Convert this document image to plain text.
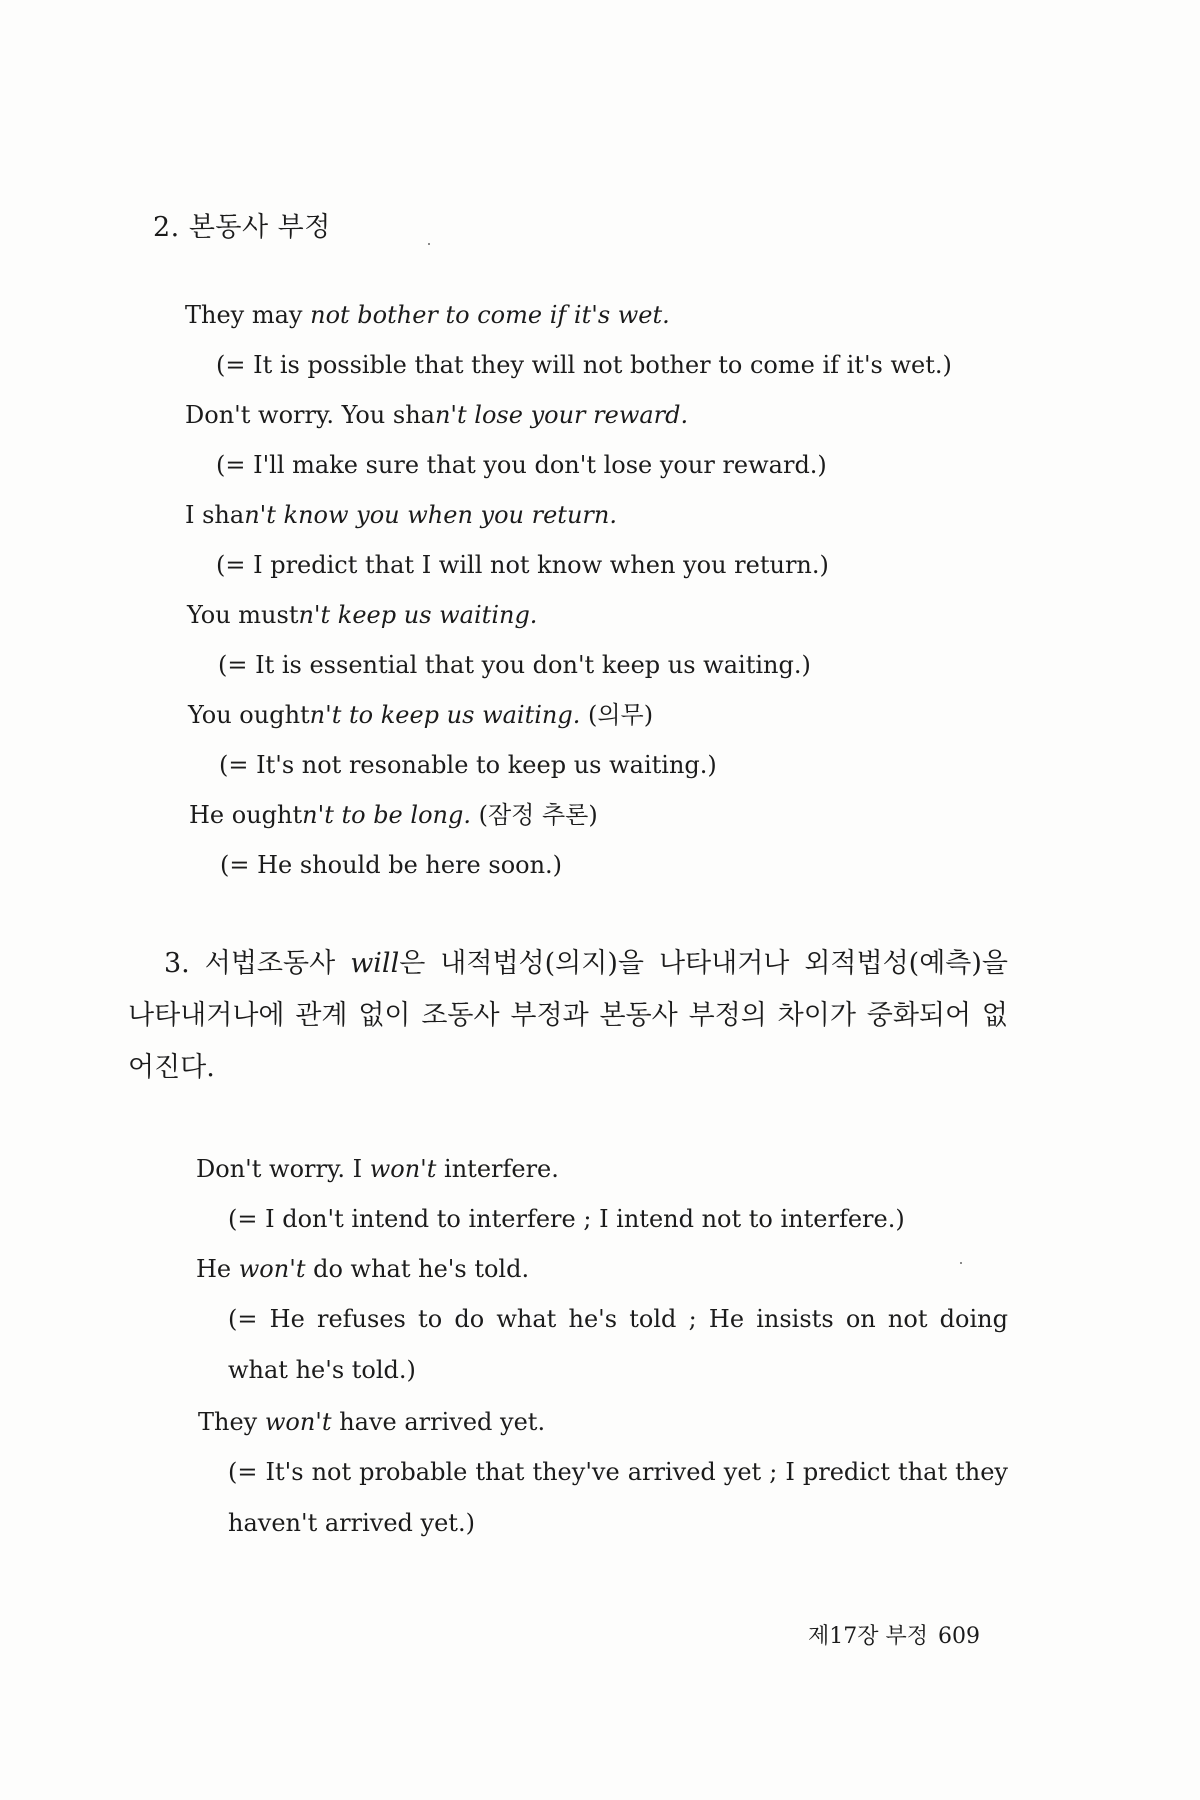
2. 본동사 부정
They may not bother to come if it's wet.
(= It is possible that they will not bother to come if it's wet.)
Don't worry. You shan't lose your reward.
(= I'll make sure that you don't lose your reward.)
I shan't know you when you return.
(= I predict that I will not know when you return.)
You mustn't keep us waiting.
(= It is essential that you don't keep us waiting.)
You oughtn't to keep us waiting. (의무)
(= It's not resonable to keep us waiting.)
He oughtn't to be long. (잠정 추론)
(= He should be here soon.)
3. 서법조동사 will은 내적법성(의지)을 나타내거나 외적법성(예측)을 나타내거나에 관계 없이 조동사 부정과 본동사 부정의 차이가 중화되어 없어진다.
Don't worry. I won't interfere.
(= I don't intend to interfere ; I intend not to interfere.)
He won't do what he's told.
(= He refuses to do what he's told ; He insists on not doing what he's told.)
They won't have arrived yet.
(= It's not probable that they've arrived yet ; I predict that they haven't arrived yet.)
제17장 부정 609
